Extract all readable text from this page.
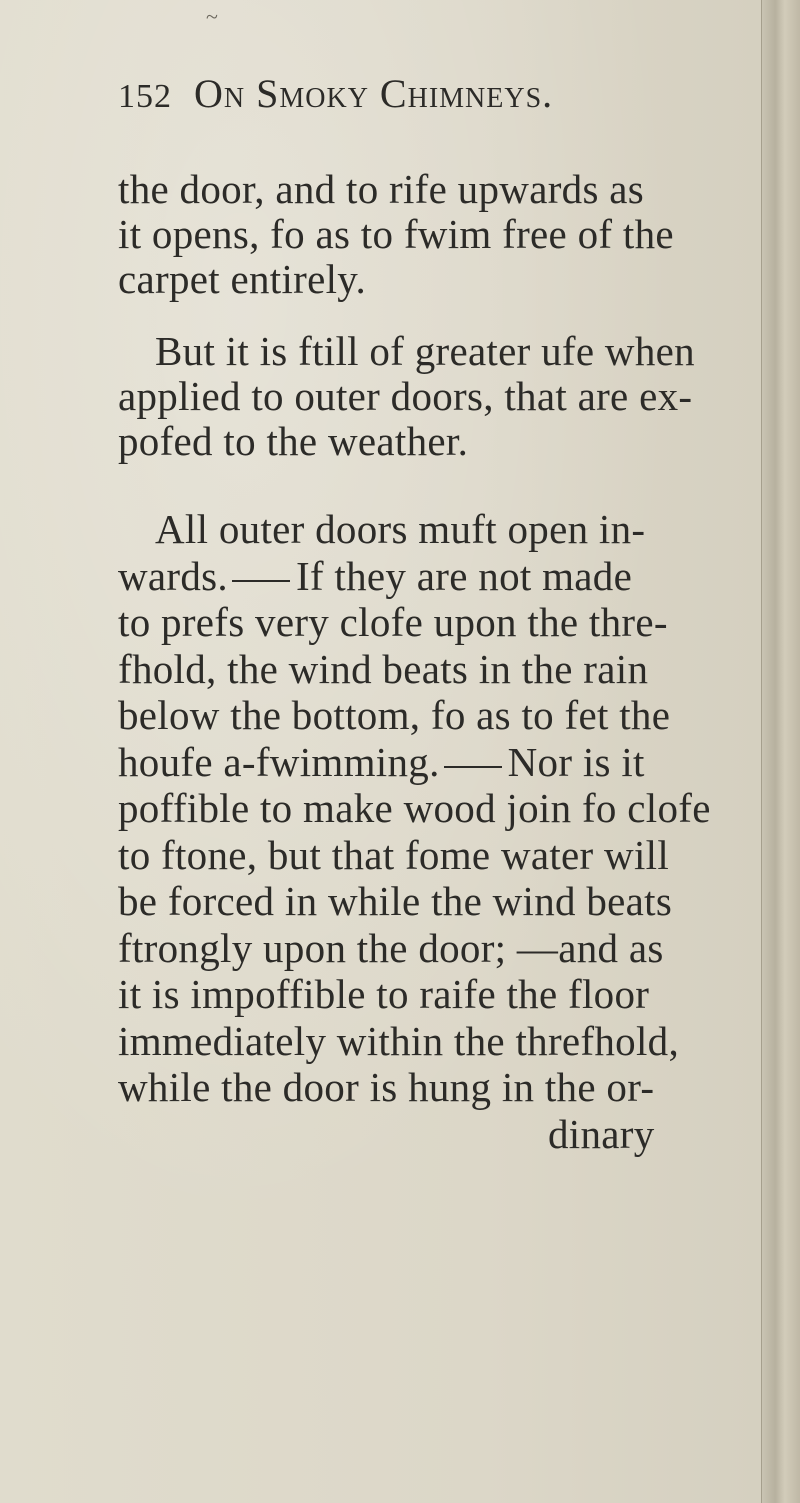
~
152 On Smoky Chimneys.
the door, and to rife upwards as
it opens, fo as to fwim free of the
carpet entirely.
But it is ftill of greater ufe when
applied to outer doors, that are ex-
pofed to the weather.
All outer doors muft open in-
wards. If they are not made
to prefs very clofe upon the thre-
fhold, the wind beats in the rain
below the bottom, fo as to fet the
houfe a-fwimming. Nor is it
poffible to make wood join fo clofe
to ftone, but that fome water will
be forced in while the wind beats
ftrongly upon the door; —and as
it is impoffible to raife the floor
immediately within the threfhold,
while the door is hung in the or-
dinary
